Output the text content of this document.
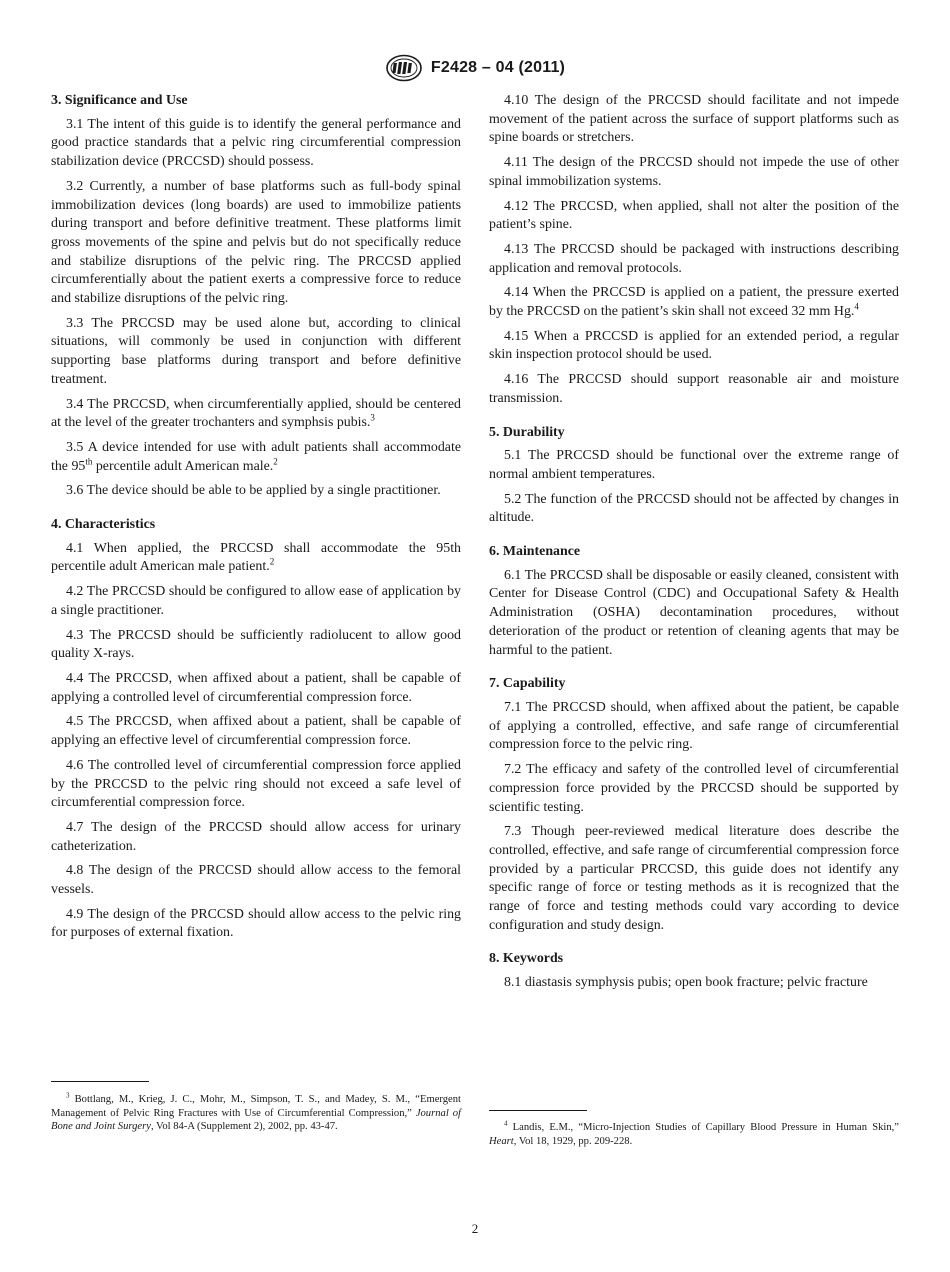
F2428 – 04 (2011)

3. Significance and Use

3.1 The intent of this guide is to identify the general performance and good practice standards that a pelvic ring circumferential compression stabilization device (PRCCSD) should possess.

3.2 Currently, a number of base platforms such as full-body spinal immobilization devices (long boards) are used to immobilize patients during transport and before definitive treatment. These platforms limit gross movements of the spine and pelvis but do not specifically reduce and stabilize disruptions of the pelvic ring. The PRCCSD applied circumferentially about the patient exerts a compressive force to reduce and stabilize disruptions of the pelvic ring.

3.3 The PRCCSD may be used alone but, according to clinical situations, will commonly be used in conjunction with different supporting base platforms during transport and before definitive treatment.

3.4 The PRCCSD, when circumferentially applied, should be centered at the level of the greater trochanters and symphsis pubis.$^3$

3.5 A device intended for use with adult patients shall accommodate the 95th percentile adult American male.$^2$

3.6 The device should be able to be applied by a single practitioner.

4. Characteristics

4.1 When applied, the PRCCSD shall accommodate the 95th percentile adult American male patient.$^2$

4.2 The PRCCSD should be configured to allow ease of application by a single practitioner.

4.3 The PRCCSD should be sufficiently radiolucent to allow good quality X-rays.

4.4 The PRCCSD, when affixed about a patient, shall be capable of applying a controlled level of circumferential compression force.

4.5 The PRCCSD, when affixed about a patient, shall be capable of applying an effective level of circumferential compression force.

4.6 The controlled level of circumferential compression force applied by the PRCCSD to the pelvic ring should not exceed a safe level of circumferential compression force.

4.7 The design of the PRCCSD should allow access for urinary catheterization.

4.8 The design of the PRCCSD should allow access to the femoral vessels.

4.9 The design of the PRCCSD should allow access to the pelvic ring for purposes of external fixation.

$^3$ Bottlang, M., Krieg, J. C., Mohr, M., Simpson, T. S., and Madey, S. M., “Emergent Management of Pelvic Ring Fractures with Use of Circumferential Compression,” Journal of Bone and Joint Surgery, Vol 84-A (Supplement 2), 2002, pp. 43-47.

4.10 The design of the PRCCSD should facilitate and not impede movement of the patient across the surface of support platforms such as spine boards or stretchers.

4.11 The design of the PRCCSD should not impede the use of other spinal immobilization systems.

4.12 The PRCCSD, when applied, shall not alter the position of the patient’s spine.

4.13 The PRCCSD should be packaged with instructions describing application and removal protocols.

4.14 When the PRCCSD is applied on a patient, the pressure exerted by the PRCCSD on the patient’s skin shall not exceed 32 mm Hg.$^4$

4.15 When a PRCCSD is applied for an extended period, a regular skin inspection protocol should be used.

4.16 The PRCCSD should support reasonable air and moisture transmission.

5. Durability

5.1 The PRCCSD should be functional over the extreme range of normal ambient temperatures.

5.2 The function of the PRCCSD should not be affected by changes in altitude.

6. Maintenance

6.1 The PRCCSD shall be disposable or easily cleaned, consistent with Center for Disease Control (CDC) and Occupational Safety & Health Administration (OSHA) decontamination procedures, without deterioration of the product or retention of cleaning agents that may be harmful to the patient.

7. Capability

7.1 The PRCCSD should, when affixed about the patient, be capable of applying a controlled, effective, and safe range of circumferential compression force to the pelvic ring.

7.2 The efficacy and safety of the controlled level of circumferential compression force provided by the PRCCSD should be supported by scientific testing.

7.3 Though peer-reviewed medical literature does describe the controlled, effective, and safe range of circumferential compression force provided by a particular PRCCSD, this guide does not identify any specific range of force or testing methods as it is recognized that the range of force and testing methods could vary according to device configuration and study design.

8. Keywords

8.1 diastasis symphysis pubis; open book fracture; pelvic fracture

$^4$ Landis, E.M., “Micro-Injection Studies of Capillary Blood Pressure in Human Skin,” Heart, Vol 18, 1929, pp. 209-228.

2
